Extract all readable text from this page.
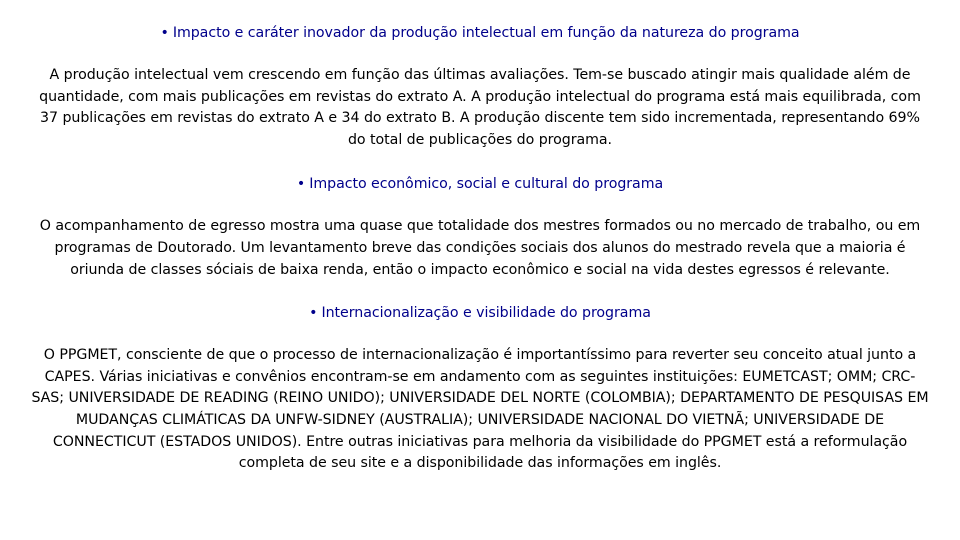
• Impacto e caráter inovador da produção intelectual em função da natureza do programa

A produção intelectual vem crescendo em função das últimas avaliações. Tem-se buscado atingir mais qualidade além de quantidade, com mais publicações em revistas do extrato A. A produção intelectual do programa está mais equilibrada, com 37 publicações em revistas do extrato A e 34 do extrato B. A produção discente tem sido incrementada, representando 69% do total de publicações do programa.

• Impacto econômico, social e cultural do programa

O acompanhamento de egresso mostra uma quase que totalidade dos mestres formados ou no mercado de trabalho, ou em programas de Doutorado. Um levantamento breve das condições sociais dos alunos do mestrado revela que a maioria é oriunda de classes sóciais de baixa renda, então o impacto econômico e social na vida destes egressos é relevante.

• Internacionalização e visibilidade do programa

O PPGMET, consciente de que o processo de internacionalização é importantíssimo para reverter seu conceito atual junto a CAPES. Várias iniciativas e convênios encontram-se em andamento com as seguintes instituições: EUMETCAST; OMM; CRC-SAS; UNIVERSIDADE DE READING (REINO UNIDO); UNIVERSIDADE DEL NORTE (COLOMBIA); DEPARTAMENTO DE PESQUISAS EM MUDANÇAS CLIMÁTICAS DA UNFW-SIDNEY (AUSTRALIA); UNIVERSIDADE NACIONAL DO VIETNÃ; UNIVERSIDADE DE CONNECTICUT (ESTADOS UNIDOS). Entre outras iniciativas para melhoria da visibilidade do PPGMET está a reformulação completa de seu site e a disponibilidade das informações em inglês.
